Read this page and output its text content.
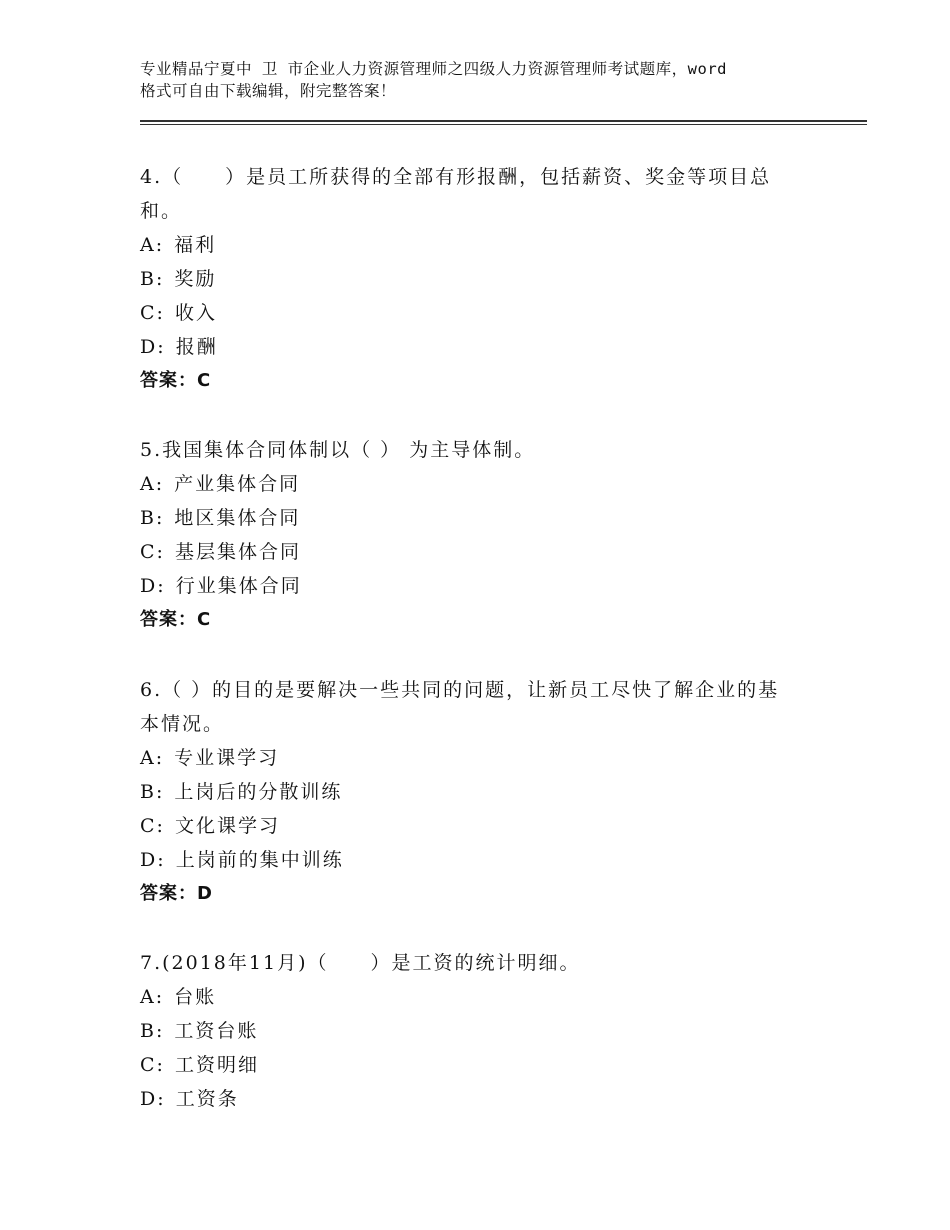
专业精品宁夏中 卫 市企业人力资源管理师之四级人力资源管理师考试题库，word
格式可自由下载编辑，附完整答案！

4.（　　）是员工所获得的全部有形报酬，包括薪资、奖金等项目总

和。

A: 福利

B: 奖励

C: 收入

D: 报酬

答案：C

5.我国集体合同体制以（ ） 为主导体制。

A: 产业集体合同

B: 地区集体合同

C: 基层集体合同

D: 行业集体合同

答案：C

6.（ ）的目的是要解决一些共同的问题，让新员工尽快了解企业的基

本情况。

A: 专业课学习

B: 上岗后的分散训练

C: 文化课学习

D: 上岗前的集中训练

答案：D

7.(2018年11月)（　　）是工资的统计明细。

A: 台账

B: 工资台账

C: 工资明细

D: 工资条
